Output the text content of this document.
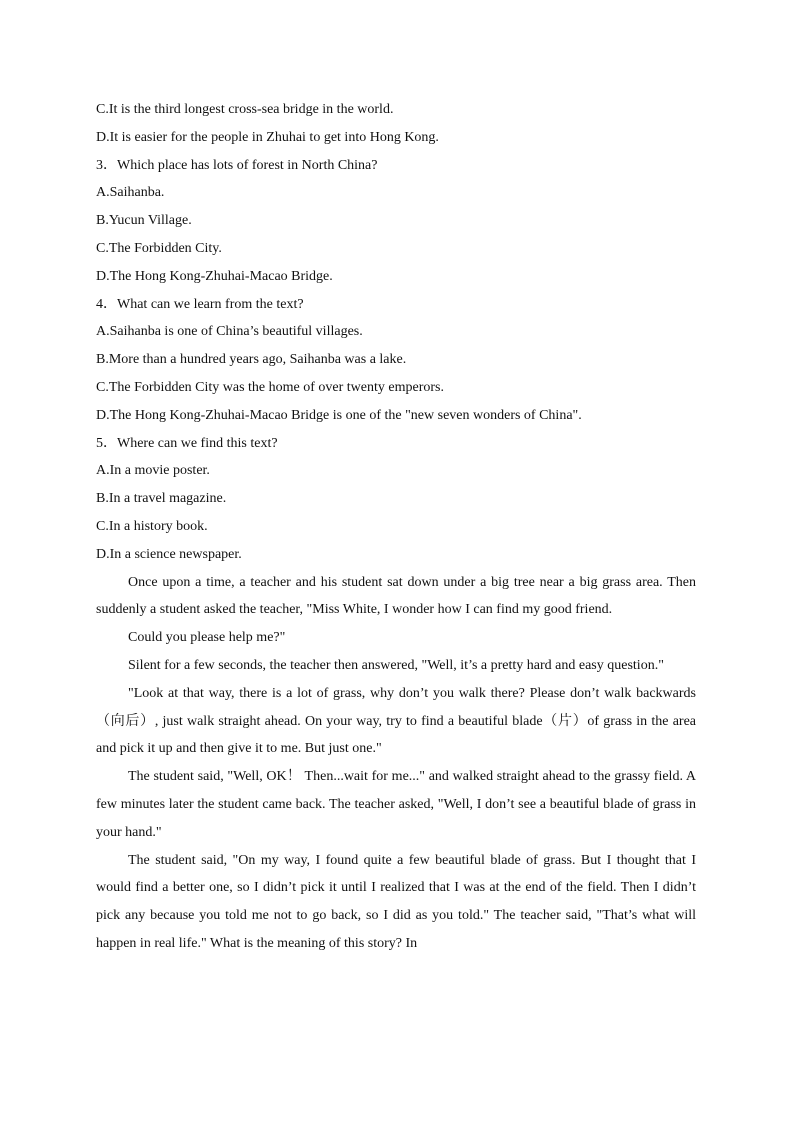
C.It is the third longest cross-sea bridge in the world.
D.It is easier for the people in Zhuhai to get into Hong Kong.
3．Which place has lots of forest in North China?
A.Saihanba.
B.Yucun Village.
C.The Forbidden City.
D.The Hong Kong-Zhuhai-Macao Bridge.
4．What can we learn from the text?
A.Saihanba is one of China’s beautiful villages.
B.More than a hundred years ago, Saihanba was a lake.
C.The Forbidden City was the home of over twenty emperors.
D.The Hong Kong-Zhuhai-Macao Bridge is one of the "new seven wonders of China".
5．Where can we find this text?
A.In a movie poster.
B.In a travel magazine.
C.In a history book.
D.In a science newspaper.

Once upon a time, a teacher and his student sat down under a big tree near a big grass area. Then suddenly a student asked the teacher, "Miss White, I wonder how I can find my good friend.

Could you please help me?"

Silent for a few seconds, the teacher then answered, "Well, it’s a pretty hard and easy question."

"Look at that way, there is a lot of grass, why don’t you walk there? Please don’t walk backwards（向后）, just walk straight ahead. On your way, try to find a beautiful blade（片）of grass in the area and pick it up and then give it to me. But just one."

The student said, "Well, OK！ Then...wait for me..." and walked straight ahead to the grassy field. A few minutes later the student came back. The teacher asked, "Well, I don’t see a beautiful blade of grass in your hand."

The student said, "On my way, I found quite a few beautiful blade of grass. But I thought that I would find a better one, so I didn’t pick it until I realized that I was at the end of the field. Then I didn’t pick any because you told me not to go back, so I did as you told." The teacher said, "That’s what will happen in real life." What is the meaning of this story? In
